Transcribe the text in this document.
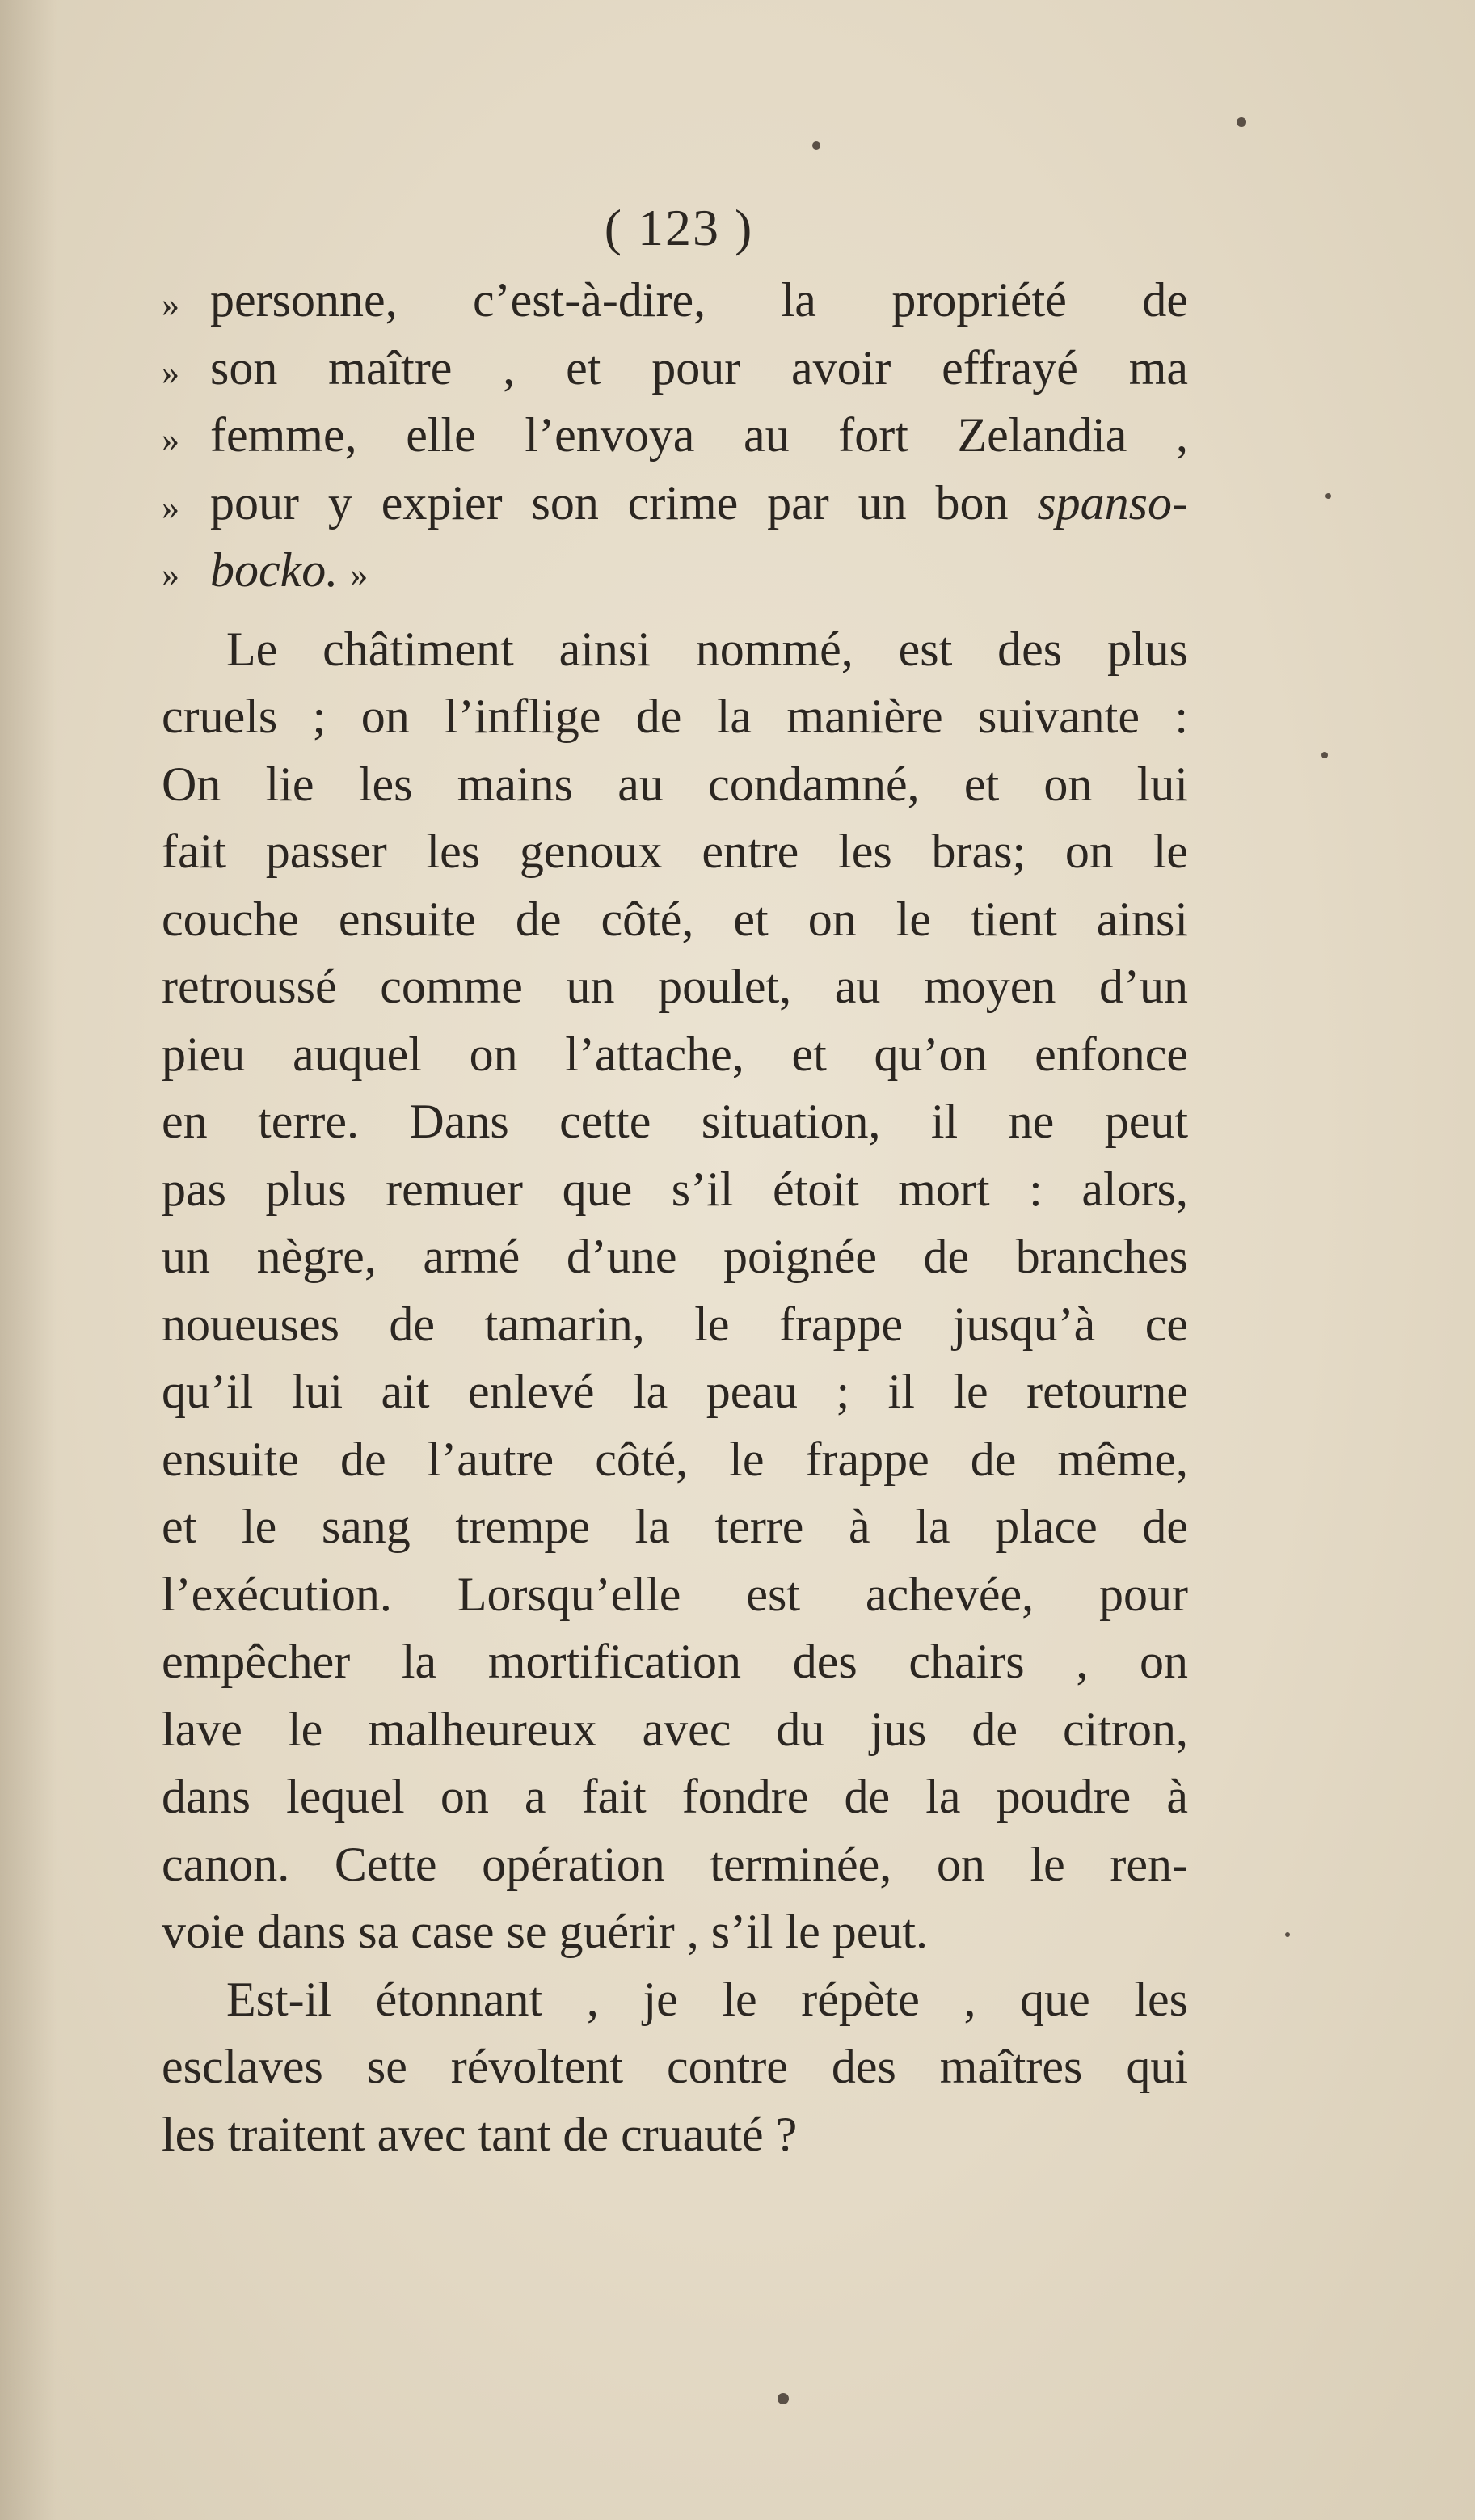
( 123 )
» personne, c’est-à-dire, la propriété de
» son maître , et pour avoir effrayé ma
» femme, elle l’envoya au fort Zelandia ,
» pour y expier son crime par un bon spanso-
» bocko. »
Le châtiment ainsi nommé, est des plus
cruels ; on l’inflige de la manière suivante :
On lie les mains au condamné, et on lui
fait passer les genoux entre les bras; on le
couche ensuite de côté, et on le tient ainsi
retroussé comme un poulet, au moyen d’un
pieu auquel on l’attache, et qu’on enfonce
en terre. Dans cette situation, il ne peut
pas plus remuer que s’il étoit mort : alors,
un nègre, armé d’une poignée de branches
noueuses de tamarin, le frappe jusqu’à ce
qu’il lui ait enlevé la peau ; il le retourne
ensuite de l’autre côté, le frappe de même,
et le sang trempe la terre à la place de
l’exécution. Lorsqu’elle est achevée, pour
empêcher la mortification des chairs , on
lave le malheureux avec du jus de citron,
dans lequel on a fait fondre de la poudre à
canon. Cette opération terminée, on le ren-
voie dans sa case se guérir , s’il le peut.
Est-il étonnant , je le répète , que les
esclaves se révoltent contre des maîtres qui
les traitent avec tant de cruauté ?
